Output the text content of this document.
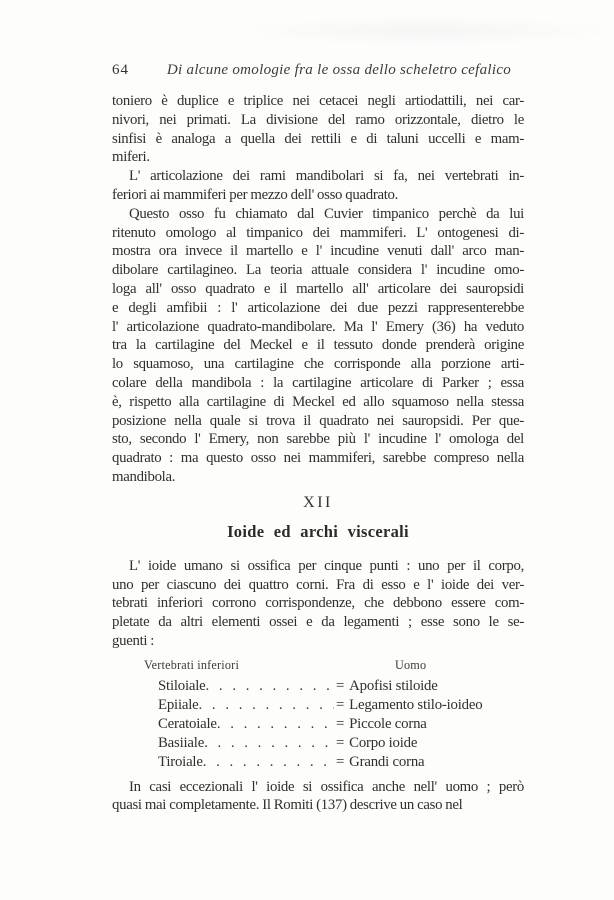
64	Di alcune omologie fra le ossa dello scheletro cefalico
toniero è duplice e triplice nei cetacei negli artiodattili, nei car-
nivori, nei primati. La divisione del ramo orizzontale, dietro le
sinfisi è analoga a quella dei rettili e di taluni uccelli e mam-
miferi.
L' articolazione dei rami mandibolari si fa, nei vertebrati in-
feriori ai mammiferi per mezzo dell' osso quadrato.
Questo osso fu chiamato dal Cuvier timpanico perchè da lui
ritenuto omologo al timpanico dei mammiferi. L' ontogenesi di-
mostra ora invece il martello e l' incudine venuti dall' arco man-
dibolare cartilagineo. La teoria attuale considera l' incudine omo-
loga all' osso quadrato e il martello all' articolare dei sauropsidi
e degli amfibii : l' articolazione dei due pezzi rappresenterebbe
l' articolazione quadrato-mandibolare. Ma l' Emery (36) ha veduto
tra la cartilagine del Meckel e il tessuto donde prenderà origine
lo squamoso, una cartilagine che corrisponde alla porzione arti-
colare della mandibola : la cartilagine articolare di Parker ; essa
è, rispetto alla cartilagine di Meckel ed allo squamoso nella stessa
posizione nella quale si trova il quadrato nei sauropsidi. Per que-
sto, secondo l' Emery, non sarebbe più l' incudine l' omologa del
quadrato : ma questo osso nei mammiferi, sarebbe compreso nella
mandibola.
XII
Ioide ed archi viscerali
L' ioide umano si ossifica per cinque punti : uno per il corpo,
uno per ciascuno dei quattro corni. Fra di esso e l' ioide dei ver-
tebrati inferiori corrono corrispondenze, che debbono essere com-
pletate da altri elementi ossei e da legamenti ; esse sono le se-
guenti :
Vertebrati inferiori	Uomo
Stiloiale . . .	= Apofisi stiloide
Epiiale . . .	= Legamento stilo-ioideo
Ceratoiale . . .	= Piccole corna
Basiiale . . .	= Corpo ioide
Tiroiale . . .	= Grandi corna
In casi eccezionali l' ioide si ossifica anche nell' uomo ; però
quasi mai completamente. Il Romiti (137) descrive un caso nel
